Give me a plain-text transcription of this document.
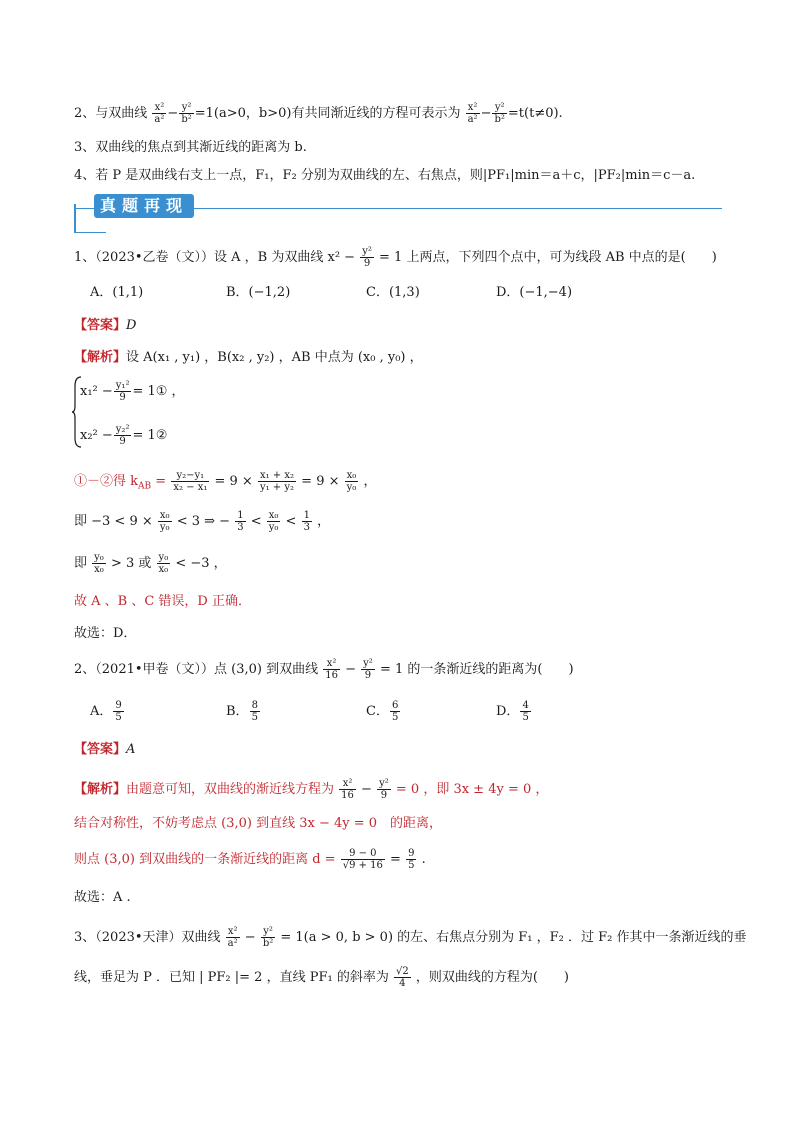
2、与双曲线 $\frac{\text{x²}}{\text{a²}} - \frac{\text{y²}}{\text{b²}} =1(a>0$，b>0)有共同渐近线的方程可表示为 $\frac{\text{x²}}{\text{a²}} - \frac{\text{y²}}{\text{b²}} =t(t\ne 0)$.
3、双曲线的焦点到其渐近线的距离为 b.
4、若 P 是双曲线右支上一点，F₁，F₂ 分别为双曲线的左、右焦点，则|PF₁|min＝a＋c，|PF₂|min＝c－a.
真题再现
1、（2023•乙卷（文））设 A ，B 为双曲线 $x^2 - \frac{\text{y²}}{9} = 1$ 上两点，下列四个点中，可为线段 AB 中点的是(　　)
A．(1,1)	B．(−1,2)	C．(1,3)	D．(−1,−4)
【答案】D
【解析】设 A(x₁ , y₁) ，B(x₂ , y₂) ，AB 中点为 (x₀ , y₀) ，
$x_1^2 - \frac{\text{y₁²}}{9}$ = 1① ，
$x_2^2 - \frac{\text{y₂²}}{9}$ = 1②
①－②得 $k_{AB} = \frac{\text{y₂−y₁}}{\text{x₂ − x₁}} = 9 \times \frac{\text{x₁ + x₂}}{\text{y₁ + y₂}} = 9 \times \frac{\text{x₀}}{\text{y₀}}$ ，
即 $-3 < 9 \times \frac{\text{x₀}}{\text{y₀}} < 3$ ⇒ − $\frac{1}{3} < \frac{\text{x₀}}{\text{y₀}} < \frac{1}{3}$ ，
即 $\frac{\text{y₀}}{\text{x₀}} > 3$ 或 $\frac{\text{y₀}}{\text{x₀}} < -3$ ，
故 A 、B 、C 错误，D 正确．
故选：D．
2、（2021•甲卷（文））点 (3,0) 到双曲线 $\frac{\text{x²}}{16} - \frac{\text{y²}}{9} = 1$ 的一条渐近线的距离为(　　)
A． $\frac{9}{5}$	B． $\frac{8}{5}$	C． $\frac{6}{5}$	D． $\frac{4}{5}$
【答案】A
【解析】由题意可知，双曲线的渐近线方程为 $\frac{\text{x²}}{16} - \frac{\text{y²}}{9} = 0$ ，即 3x ± 4y = 0 ，
结合对称性，不妨考虑点 (3,0) 到直线 3x − 4y = 0　的距离，
则点 (3,0) 到双曲线的一条渐近线的距离 $d = \frac{9 - 0}{√9 + 16} = \frac{9}{5}$ .
故选：A .
3、（2023•天津）双曲线 $\frac{\text{x²}}{\text{a²}} - \frac{\text{y²}}{\text{b²}} = 1(a > 0$, b > 0) 的左、右焦点分别为 F₁ ，F₂ ．过 F₂ 作其中一条渐近线的垂
线，垂足为 P ．已知 | PF₂ |= 2 ，直线 PF₁ 的斜率为 $\frac{√2}{4}$ ，则双曲线的方程为(　　)
